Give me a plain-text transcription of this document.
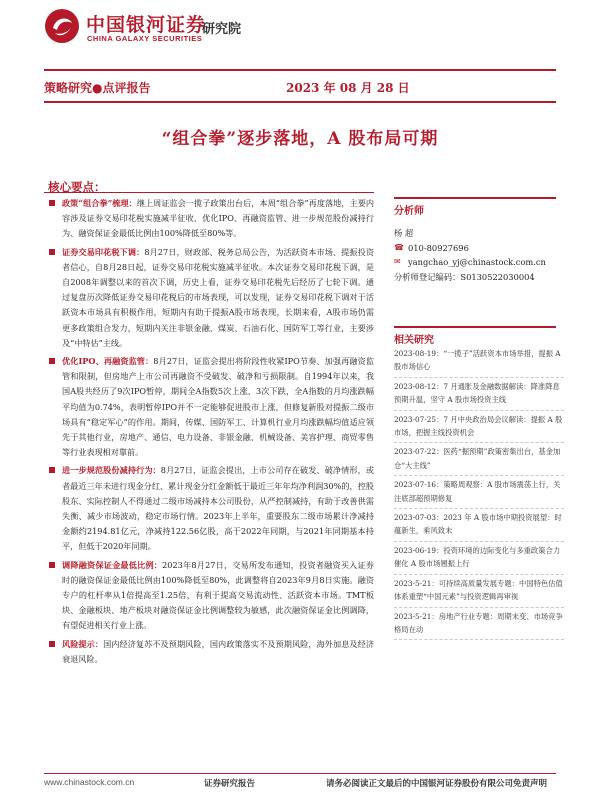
中国银河证券
CHINA GALAXY SECURITIES
研究院
策略研究●点评报告	2023 年 08 月 28 日
“组合拳”逐步落地，A 股布局可期
核心要点：
政策“组合拳”梳理：继上周证监会一揽子政策出台后，本周“组合拳”再度落地，主要内容涉及证券交易印花税实施减半征收、优化IPO、再融资监管、进一步规范股份减持行为、融资保证金最低比例由100%降低至80%等。
证券交易印花税下调：8月27日，财政部、税务总局公告，为活跃资本市场、提振投资者信心，自8月28日起，证券交易印花税实施减半征收。本次证券交易印花税下调，是自2008年调整以来的首次下调，历史上看，证券交易印花税先后经历了七轮下调。通过复盘历次降低证券交易印花税后的市场表现，可以发现，证券交易印花税下调对于活跃资本市场具有积极作用，短期内有助于提振A股市场表现，长期来看，A股市场仍需更多政策组合发力，短期内关注非银金融、煤炭、石油石化、国防军工等行业，主要涉及“中特估”主线。
优化IPO、再融资监管：8月27日，证监会提出将阶段性收紧IPO节奏、加强再融资监管和限制，但房地产上市公司再融资不受破发、破净和亏损限制。自1994年以来，我国A股共经历了9次IPO暂停，期间全A指数5次上涨、3次下跌，全A指数的月均涨跌幅平均值为0.74%，表明暂停IPO并不一定能够促进股市上涨，但修复新股对提振二级市场具有“稳定军心”的作用。期间，传媒、国防军工、计算机行业月均涨跌幅均值适应领先于其他行业，房地产、通信、电力设备、非银金融、机械设备、美容护理、商贸零售等行业表现相对靠前。
进一步规范股份减持行为：8月27日，证监会提出，上市公司存在破发、破净情形，或者最近三年未进行现金分红、累计现金分红金额低于最近三年年均净利润30%的，控股股东、实际控制人不得通过二级市场减持本公司股份，从严控制减持，有助于改善供需失衡、减少市场波动，稳定市场行情。2023年上半年，重要股东二级市场累计净减持金额约2194.81亿元，净减持122.56亿股，高于2022年同期，与2021年同期基本持平，但低于2020年同期。
调降融资保证金最低比例：2023年8月27日，交易所发布通知，投资者融资买入证券时的融资保证金最低比例由100%降低至80%，此调整将自2023年9月8日实施。融资专户的杠杆率从1倍提高至1.25倍，有利于提高交易流动性、活跃资本市场。TMT板块、金融板块、地产板块对融资保证金比例调整较为敏感，此次融资保证金比例调降，有望促进相关行业上涨。
风险提示：国内经济复苏不及预期风险，国内政策落实不及预期风险，海外加息及经济衰退风险。
分析师
杨 超
☎ 010-80927696
✉ yangchao_yj@chinastock.com.cn
分析师登记编码： S0130522030004
相关研究
2023-08-19：“一揽子”活跃资本市场举措，提振 A 股市场信心
2023-08-12：7 月通胀及金融数据解读：降准降息预期升温，坚守 A 股市场投资主线
2023-07-25：7 月中央政治局会议解读：提振 A 股市场，把握主线投资机会
2023-07-22：医药“掘预期”政策密集出台，基金加仓“大主线”
2023-07-16：策略周观察：A 股市场震荡上行，关注底部超预期修复
2023-07-03：2023 年 A 股市场中期投资展望：时蕴新生，乘风致未
2023-06-19：投资环境的边际变化与多重政策合力催化 A 股市场翘振上行
2023-5-21：可持续高质量发展专题：中国特色估值体系重塑“中国元素”与投资逻辑再审视
2023-5-21：房地产行业专题：周期末变、市场竞争格局在动
www.chinastock.com.cn	证券研究报告	请务必阅读正文最后的中国银河证券股份有限公司免责声明
